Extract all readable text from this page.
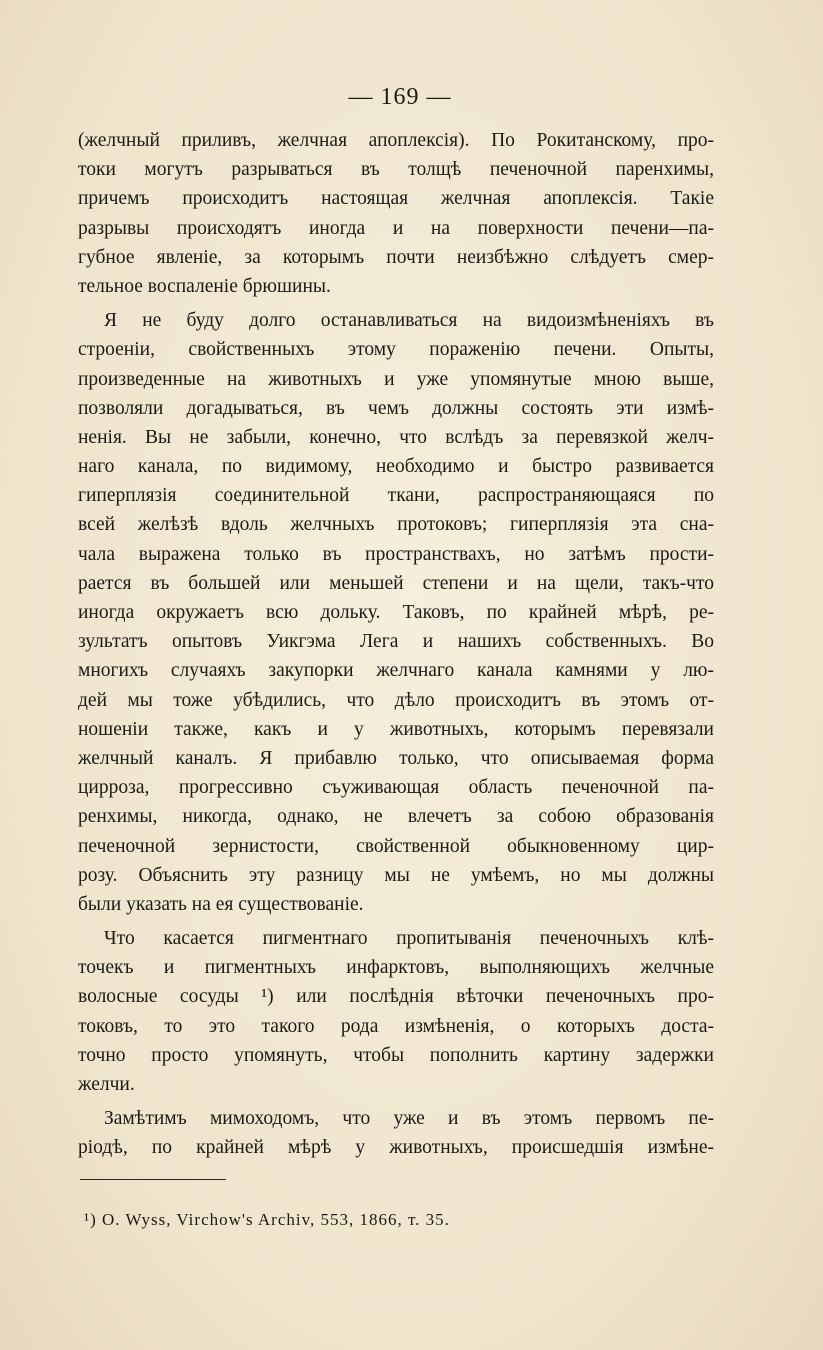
— 169 —
(желчный приливъ, желчная апоплексія). По Рокитанскому, про-
токи могутъ разрываться въ толщѣ печеночной паренхимы,
причемъ происходитъ настоящая желчная апоплексія. Такіе
разрывы происходятъ иногда и на поверхности печени—па-
губное явленіе, за которымъ почти неизбѣжно слѣдуетъ смер-
тельное воспаленіе брюшины.
Я не буду долго останавливаться на видоизмѣненіяхъ въ
строеніи, свойственныхъ этому пораженію печени. Опыты,
произведенные на животныхъ и уже упомянутые мною выше,
позволяли догадываться, въ чемъ должны состоять эти измѣ-
ненія. Вы не забыли, конечно, что вслѣдъ за перевязкой желч-
наго канала, по видимому, необходимо и быстро развивается
гиперплязія соединительной ткани, распространяющаяся по
всей желѣзѣ вдоль желчныхъ протоковъ; гиперплязія эта сна-
чала выражена только въ пространствахъ, но затѣмъ прости-
рается въ большей или меньшей степени и на щели, такъ-что
иногда окружаетъ всю дольку. Таковъ, по крайней мѣрѣ, ре-
зультатъ опытовъ Уикгэма Лега и нашихъ собственныхъ. Во
многихъ случаяхъ закупорки желчнаго канала камнями у лю-
дей мы тоже убѣдились, что дѣло происходитъ въ этомъ от-
ношеніи также, какъ и у животныхъ, которымъ перевязали
желчный каналъ. Я прибавлю только, что описываемая форма
цирроза, прогрессивно съуживающая область печеночной па-
ренхимы, никогда, однако, не влечетъ за собою образованія
печеночной зернистости, свойственной обыкновенному цир-
розу. Объяснить эту разницу мы не умѣемъ, но мы должны
были указать на ея существованіе.
Что касается пигментнаго пропитыванія печеночныхъ клѣ-
точекъ и пигментныхъ инфарктовъ, выполняющихъ желчные
волосные сосуды ¹) или послѣднія вѣточки печеночныхъ про-
токовъ, то это такого рода измѣненія, о которыхъ доста-
точно просто упомянуть, чтобы пополнить картину задержки
желчи.
Замѣтимъ мимоходомъ, что уже и въ этомъ первомъ пе-
ріодѣ, по крайней мѣрѣ у животныхъ, происшедшія измѣне-
¹) O. Wyss, Virchow's Archiv, 553, 1866, т. 35.
